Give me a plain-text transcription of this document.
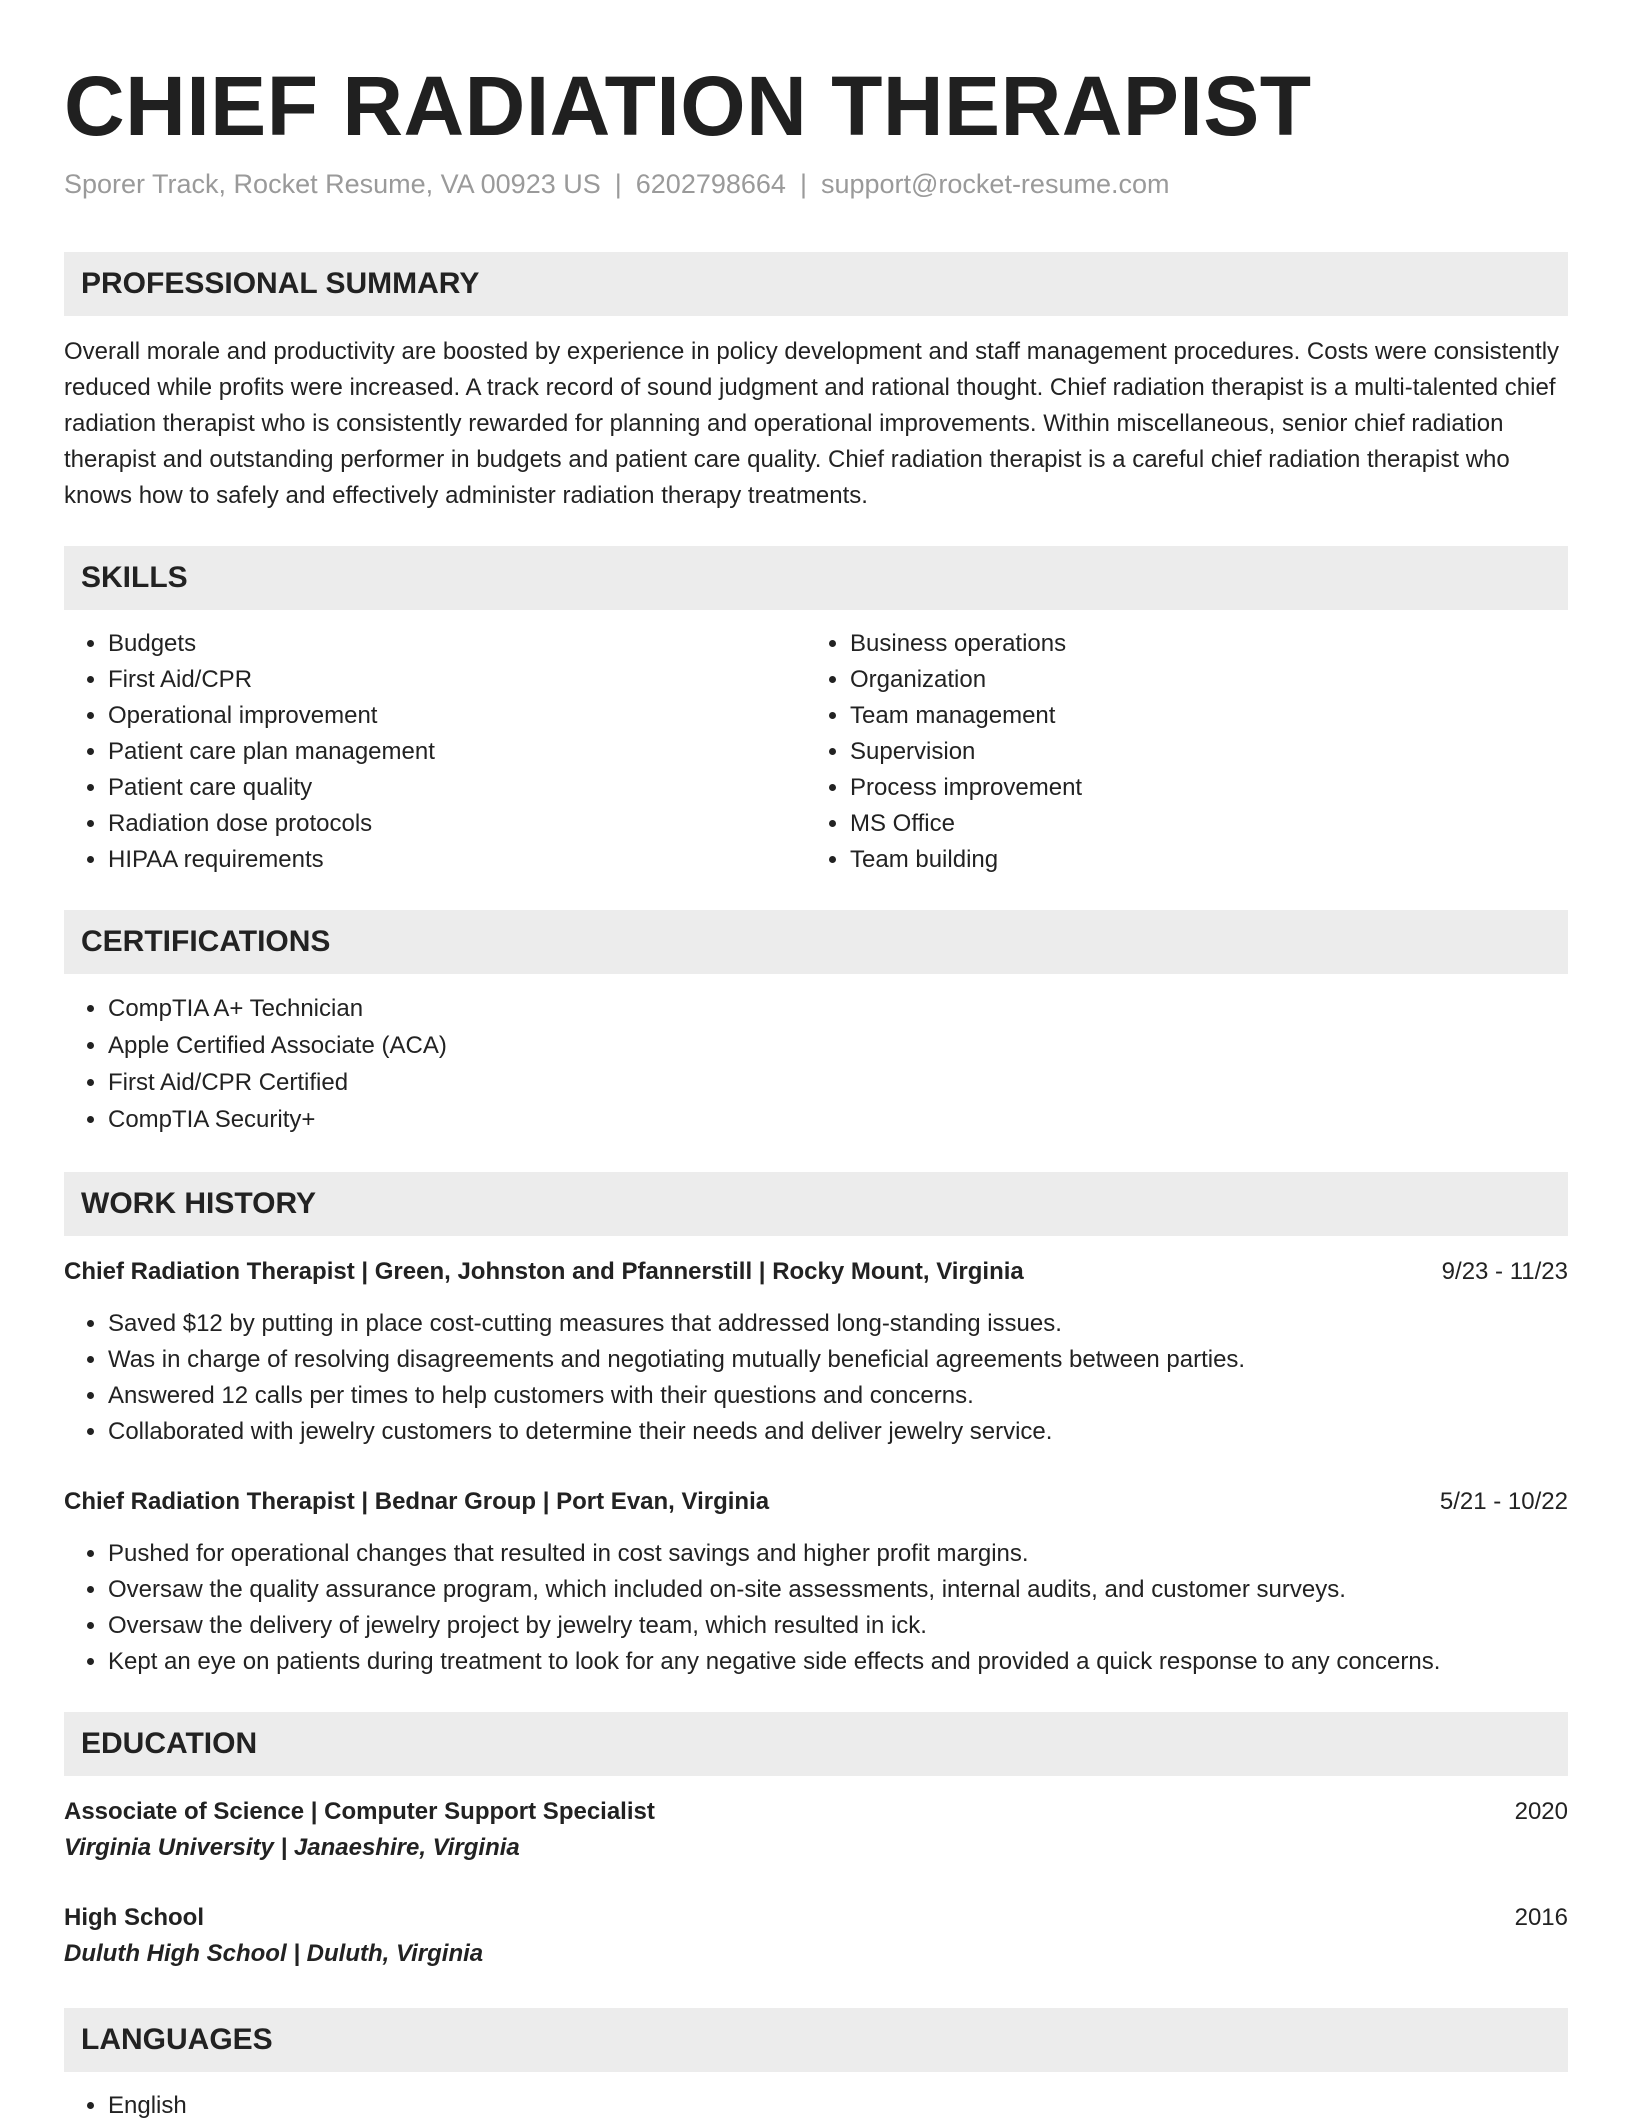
CHIEF RADIATION THERAPIST
Sporer Track, Rocket Resume, VA 00923 US | 6202798664 | support@rocket-resume.com
PROFESSIONAL SUMMARY

Overall morale and productivity are boosted by experience in policy development and staff management procedures. Costs were consistently reduced while profits were increased. A track record of sound judgment and rational thought. Chief radiation therapist is a multi-talented chief radiation therapist who is consistently rewarded for planning and operational improvements. Within miscellaneous, senior chief radiation therapist and outstanding performer in budgets and patient care quality. Chief radiation therapist is a careful chief radiation therapist who knows how to safely and effectively administer radiation therapy treatments.

SKILLS
• Budgets
• First Aid/CPR
• Operational improvement
• Patient care plan management
• Patient care quality
• Radiation dose protocols
• HIPAA requirements
• Business operations
• Organization
• Team management
• Supervision
• Process improvement
• MS Office
• Team building
CERTIFICATIONS
• CompTIA A+ Technician
• Apple Certified Associate (ACA)
• First Aid/CPR Certified
• CompTIA Security+
WORK HISTORY
Chief Radiation Therapist | Green, Johnston and Pfannerstill | Rocky Mount, Virginia	9/23 - 11/23
• Saved $12 by putting in place cost-cutting measures that addressed long-standing issues.
• Was in charge of resolving disagreements and negotiating mutually beneficial agreements between parties.
• Answered 12 calls per times to help customers with their questions and concerns.
• Collaborated with jewelry customers to determine their needs and deliver jewelry service.
Chief Radiation Therapist | Bednar Group | Port Evan, Virginia	5/21 - 10/22
• Pushed for operational changes that resulted in cost savings and higher profit margins.
• Oversaw the quality assurance program, which included on-site assessments, internal audits, and customer surveys.
• Oversaw the delivery of jewelry project by jewelry team, which resulted in ick.
• Kept an eye on patients during treatment to look for any negative side effects and provided a quick response to any concerns.
EDUCATION
Associate of Science | Computer Support Specialist	2020
Virginia University | Janaeshire, Virginia
High School	2016
Duluth High School | Duluth, Virginia
LANGUAGES
• English
